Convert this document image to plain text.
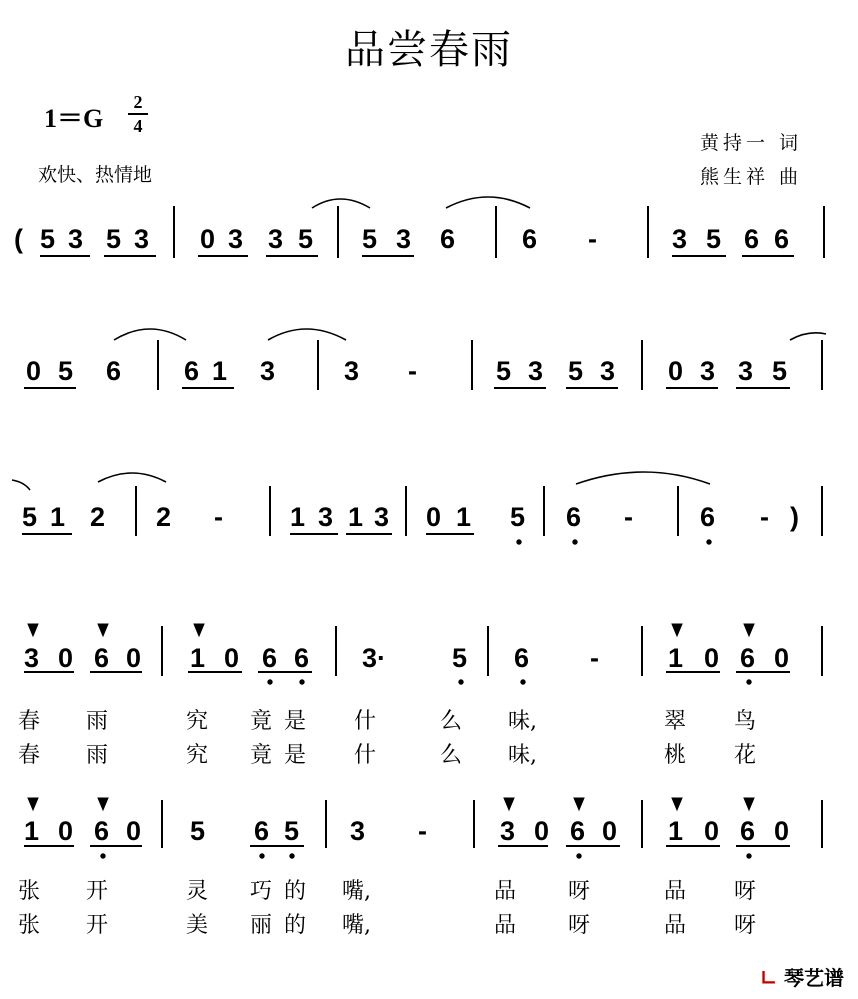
品尝春雨
1＝G
2
4
欢快、热情地
黄持一 词
熊生祥 曲
( 5 3 5 3 0 3 3 5 5 3 6 6 -	3 5 6 6
0 5 6 6 1 3	3 -	5 3 5 3 0 3 3 5
5 1 2 2 - 1 3 1 3 0 1 5 6 - 6 - )
3 0 6 0 1 0 6 6 3· 5 6 -	1 0 6 0
春 雨	究 竟 是 什	么 味,	翠 鸟
春 雨	究 竟 是 什	么 味,	桃 花
1 0 6 0 5 6 5 3 -	3 0 6 0 1 0 6 0
张 开	灵 巧 的 嘴,	品 呀	品 呀
张 开	美 丽 的 嘴,	品 呀	品 呀
∟ 琴艺谱
